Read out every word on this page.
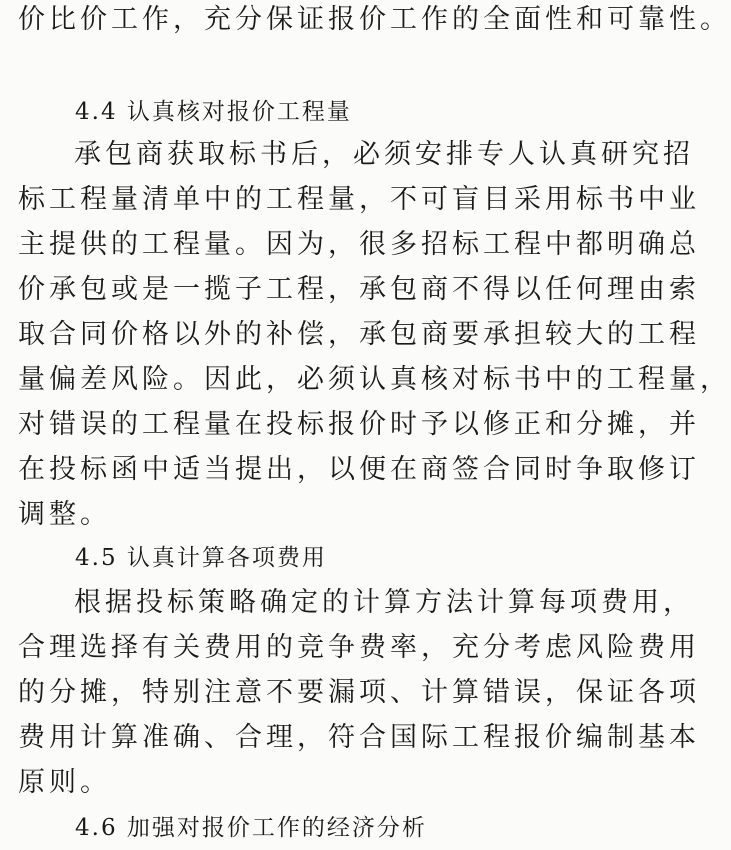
价比价工作，充分保证报价工作的全面性和可靠性。
4.4 认真核对报价工程量
承包商获取标书后，必须安排专人认真研究招
标工程量清单中的工程量，不可盲目采用标书中业
主提供的工程量。因为，很多招标工程中都明确总
价承包或是一揽子工程，承包商不得以任何理由索
取合同价格以外的补偿，承包商要承担较大的工程
量偏差风险。因此，必须认真核对标书中的工程量，
对错误的工程量在投标报价时予以修正和分摊，并
在投标函中适当提出，以便在商签合同时争取修订
调整。
4.5 认真计算各项费用
根据投标策略确定的计算方法计算每项费用，
合理选择有关费用的竞争费率，充分考虑风险费用
的分摊，特别注意不要漏项、计算错误，保证各项
费用计算准确、合理，符合国际工程报价编制基本
原则。
4.6 加强对报价工作的经济分析
